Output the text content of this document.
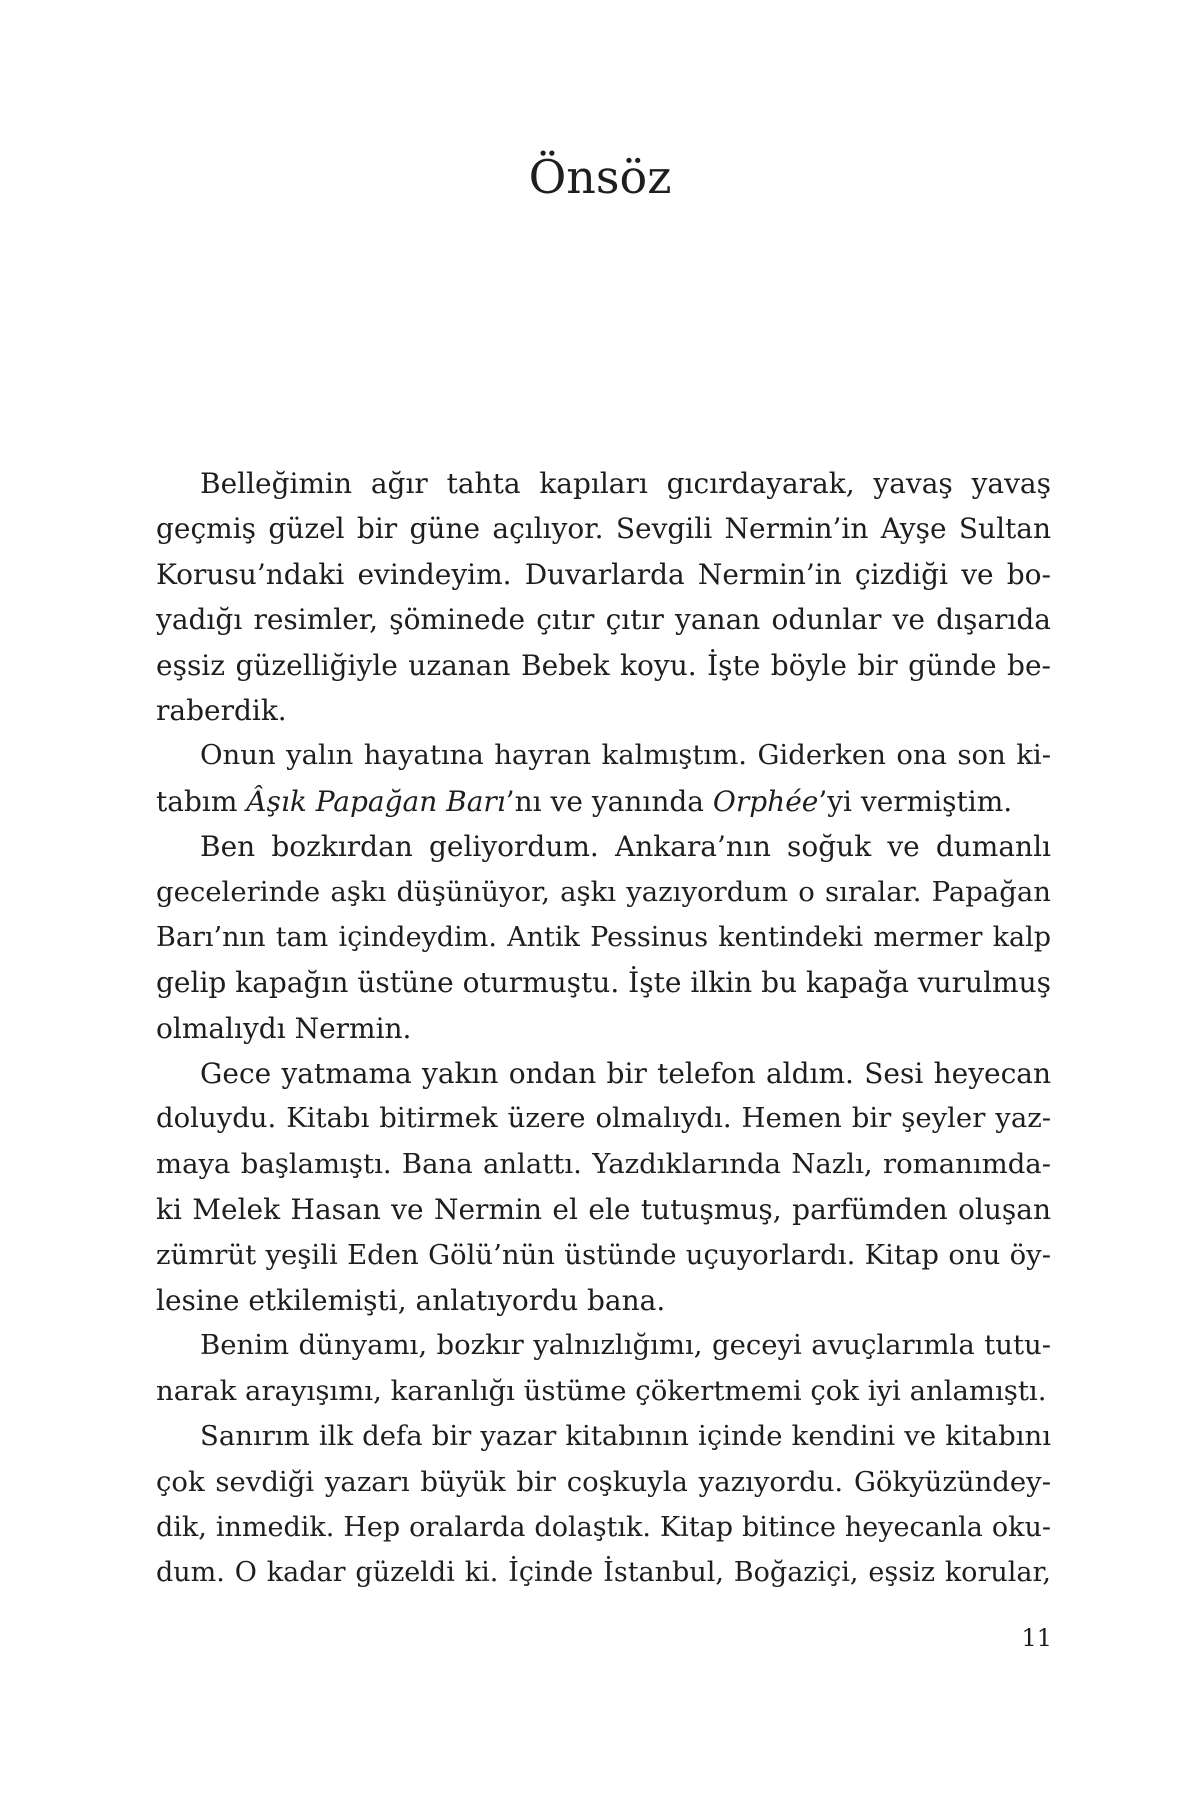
Önsöz
Belleğimin ağır tahta kapıları gıcırdayarak, yavaş yavaş
geçmiş güzel bir güne açılıyor. Sevgili Nermin’in Ayşe Sultan
Korusu’ndaki evindeyim. Duvarlarda Nermin’in çizdiği ve bo-
yadığı resimler, şöminede çıtır çıtır yanan odunlar ve dışarıda
eşsiz güzelliğiyle uzanan Bebek koyu. İşte böyle bir günde be-
raberdik.
Onun yalın hayatına hayran kalmıştım. Giderken ona son ki-
tabım Âşık Papağan Barı’nı ve yanında Orphée’yi vermiştim.
Ben bozkırdan geliyordum. Ankara’nın soğuk ve dumanlı
gecelerinde aşkı düşünüyor, aşkı yazıyordum o sıralar. Papağan
Barı’nın tam içindeydim. Antik Pessinus kentindeki mermer kalp
gelip kapağın üstüne oturmuştu. İşte ilkin bu kapağa vurulmuş
olmalıydı Nermin.
Gece yatmama yakın ondan bir telefon aldım. Sesi heyecan
doluydu. Kitabı bitirmek üzere olmalıydı. Hemen bir şeyler yaz-
maya başlamıştı. Bana anlattı. Yazdıklarında Nazlı, romanımda-
ki Melek Hasan ve Nermin el ele tutuşmuş, parfümden oluşan
zümrüt yeşili Eden Gölü’nün üstünde uçuyorlardı. Kitap onu öy-
lesine etkilemişti, anlatıyordu bana.
Benim dünyamı, bozkır yalnızlığımı, geceyi avuçlarımla tutu-
narak arayışımı, karanlığı üstüme çökertmemi çok iyi anlamıştı.
Sanırım ilk defa bir yazar kitabının içinde kendini ve kitabını
çok sevdiği yazarı büyük bir coşkuyla yazıyordu. Gökyüzündey-
dik, inmedik. Hep oralarda dolaştık. Kitap bitince heyecanla oku-
dum. O kadar güzeldi ki. İçinde İstanbul, Boğaziçi, eşsiz korular,
11
